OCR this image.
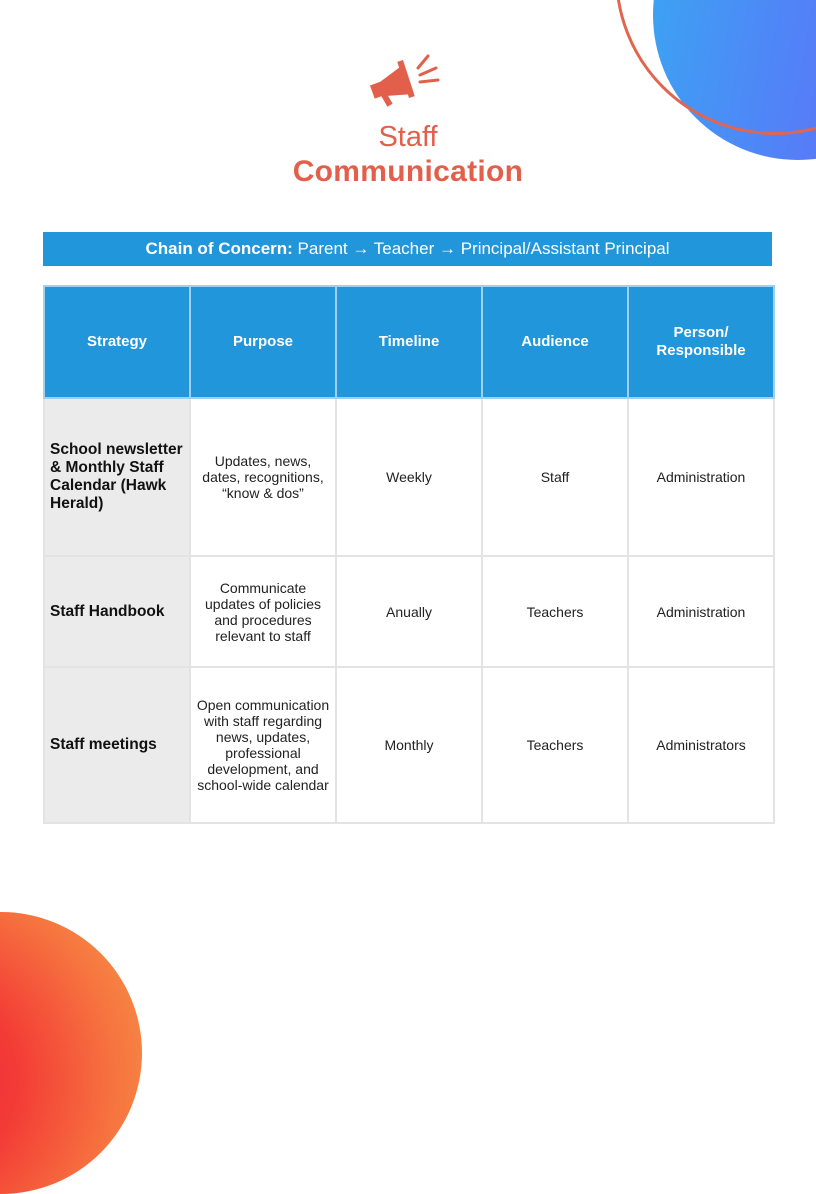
Staff
Communication
Chain of Concern: Parent → Teacher → Principal/Assistant Principal
Strategy	Purpose	Timeline	Audience	Person/ Responsible
School newsletter & Monthly Staff Calendar (Hawk Herald)	Updates, news, dates, recognitions, “know & dos”	Weekly	Staff	Administration
Staff Handbook	Communicate updates of policies and procedures relevant to staff	Anually	Teachers	Administration
Staff meetings	Open communication with staff regarding news, updates, professional development, and school-wide calendar	Monthly	Teachers	Administrators
